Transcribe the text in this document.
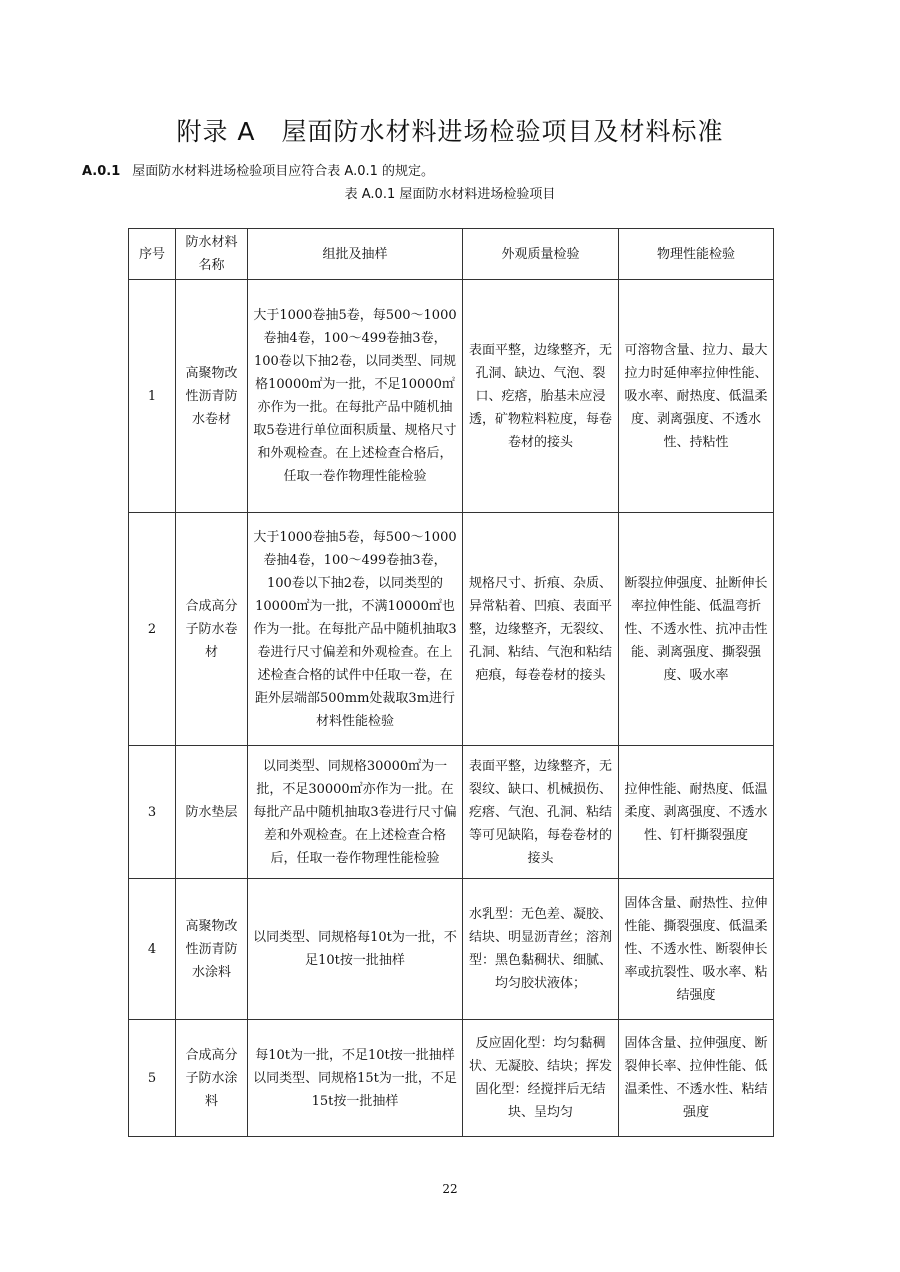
附录 A　屋面防水材料进场检验项目及材料标准
A.0.1 屋面防水材料进场检验项目应符合表 A.0.1 的规定。
表 A.0.1 屋面防水材料进场检验项目
序号	防水材料名称	组批及抽样	外观质量检验	物理性能检验
1	高聚物改性沥青防水卷材	大于1000卷抽5卷，每500～1000卷抽4卷，100～499卷抽3卷，100卷以下抽2卷，以同类型、同规格10000㎡为一批，不足10000㎡亦作为一批。在每批产品中随机抽取5卷进行单位面积质量、规格尺寸和外观检查。在上述检查合格后，任取一卷作物理性能检验	表面平整，边缘整齐，无孔洞、缺边、气泡、裂口、疙瘩，胎基未应浸透，矿物粒料粒度，每卷卷材的接头	可溶物含量、拉力、最大拉力时延伸率拉伸性能、吸水率、耐热度、低温柔度、剥离强度、不透水性、持粘性
2	合成高分子防水卷材	大于1000卷抽5卷，每500～1000卷抽4卷，100～499卷抽3卷，100卷以下抽2卷，以同类型的10000㎡为一批，不满10000㎡也作为一批。在每批产品中随机抽取3卷进行尺寸偏差和外观检查。在上述检查合格的试件中任取一卷，在距外层端部500mm处裁取3m进行材料性能检验	规格尺寸、折痕、杂质、异常粘着、凹痕、表面平整，边缘整齐，无裂纹、孔洞、粘结、气泡和粘结疤痕，每卷卷材的接头	断裂拉伸强度、扯断伸长率拉伸性能、低温弯折性、不透水性、抗冲击性能、剥离强度、撕裂强度、吸水率
3	防水垫层	以同类型、同规格30000㎡为一批，不足30000㎡亦作为一批。在每批产品中随机抽取3卷进行尺寸偏差和外观检查。在上述检查合格后，任取一卷作物理性能检验	表面平整，边缘整齐，无裂纹、缺口、机械损伤、疙瘩、气泡、孔洞、粘结等可见缺陷，每卷卷材的接头	拉伸性能、耐热度、低温柔度、剥离强度、不透水性、钉杆撕裂强度
4	高聚物改性沥青防水涂料	以同类型、同规格每10t为一批，不足10t按一批抽样	水乳型：无色差、凝胶、结块、明显沥青丝；溶剂型：黑色黏稠状、细腻、均匀胶状液体；	固体含量、耐热性、拉伸性能、撕裂强度、低温柔性、不透水性、断裂伸长率或抗裂性、吸水率、粘结强度
5	合成高分子防水涂料	每10t为一批，不足10t按一批抽样以同类型、同规格15t为一批，不足15t按一批抽样	反应固化型：均匀黏稠状、无凝胶、结块；挥发固化型：经搅拌后无结块、呈均匀	固体含量、拉伸强度、断裂伸长率、拉伸性能、低温柔性、不透水性、粘结强度
22
